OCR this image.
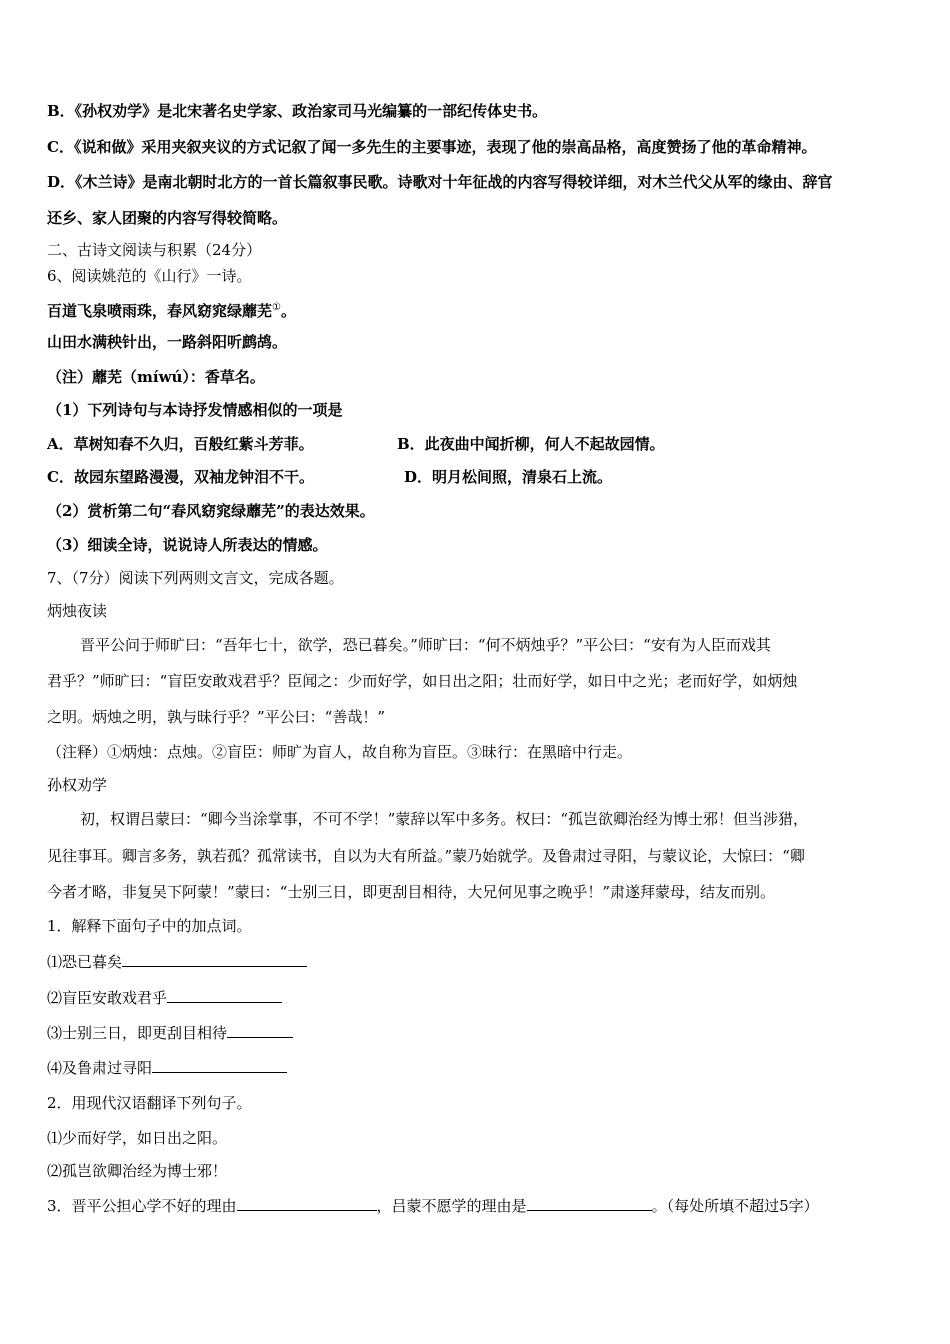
B．《孙权劝学》是北宋著名史学家、政治家司马光编纂的一部纪传体史书。
C．《说和做》采用夹叙夹议的方式记叙了闻一多先生的主要事迹，表现了他的崇高品格，高度赞扬了他的革命精神。
D．《木兰诗》是南北朝时北方的一首长篇叙事民歌。诗歌对十年征战的内容写得较详细，对木兰代父从军的缘由、辞官
还乡、家人团聚的内容写得较简略。
二、古诗文阅读与积累（24分）
6、阅读姚范的《山行》一诗。
百道飞泉喷雨珠，春风窈窕绿蘼芜①。
山田水满秧针出，一路斜阳听鹧鸪。
（注）蘼芜（míwú）：香草名。
（1）下列诗句与本诗抒发情感相似的一项是
A．草树知春不久归，百般红紫斗芳菲。	B．此夜曲中闻折柳，何人不起故园情。
C．故园东望路漫漫，双袖龙钟泪不干。	D．明月松间照，清泉石上流。
（2）赏析第二句“春风窈窕绿蘼芜”的表达效果。
（3）细读全诗，说说诗人所表达的情感。
7、（7分）阅读下列两则文言文，完成各题。
炳烛夜读
晋平公问于师旷曰：“吾年七十，欲学，恐已暮矣。”师旷曰：“何不炳烛乎？”平公曰：“安有为人臣而戏其
君乎？”师旷曰：“盲臣安敢戏君乎？臣闻之：少而好学，如日出之阳；壮而好学，如日中之光；老而好学，如炳烛
之明。炳烛之明，孰与昧行乎？”平公曰：“善哉！”
（注释）①炳烛：点烛。②盲臣：师旷为盲人，故自称为盲臣。③昧行：在黑暗中行走。
孙权劝学
初，权谓吕蒙曰：“卿今当涂掌事，不可不学！”蒙辞以军中多务。权曰：“孤岂欲卿治经为博士邪！但当涉猎，
见往事耳。卿言多务，孰若孤？孤常读书，自以为大有所益。”蒙乃始就学。及鲁肃过寻阳，与蒙议论，大惊曰：“卿
今者才略，非复吴下阿蒙！”蒙曰：“士别三日，即更刮目相待，大兄何见事之晚乎！”肃遂拜蒙母，结友而别。
1．解释下面句子中的加点词。
⑴恐已暮矣
⑵盲臣安敢戏君乎
⑶士别三日，即更刮目相待
⑷及鲁肃过寻阳
2．用现代汉语翻译下列句子。
⑴少而好学，如日出之阳。
⑵孤岂欲卿治经为博士邪！
3．晋平公担心学不好的理由	，吕蒙不愿学的理由是	。（每处所填不超过5字）
